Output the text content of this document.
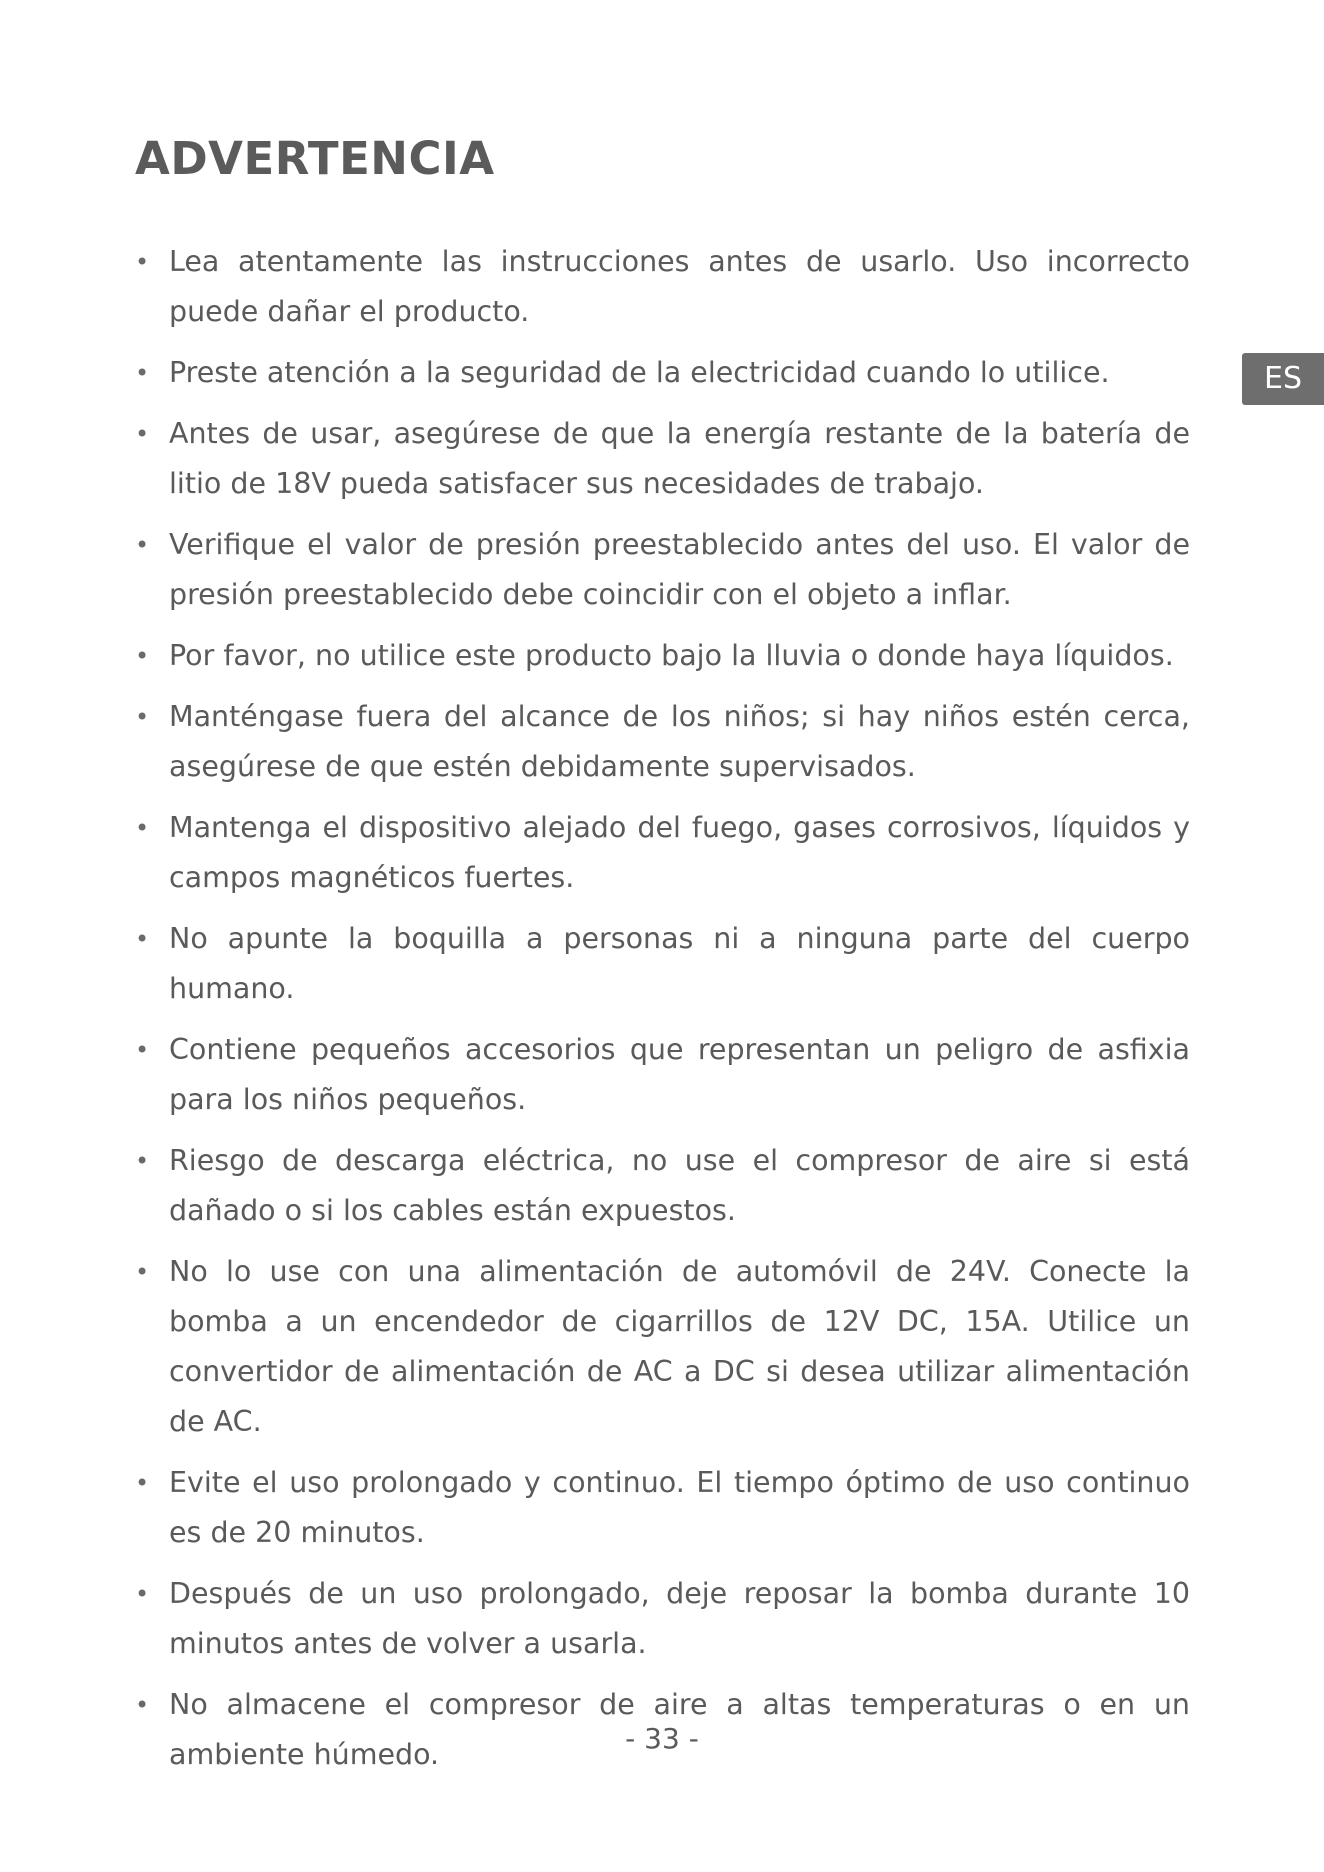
ADVERTENCIA
ES
• Lea atentamente las instrucciones antes de usarlo. Uso incorrecto puede dañar el producto.
• Preste atención a la seguridad de la electricidad cuando lo utilice.
• Antes de usar, asegúrese de que la energía restante de la batería de litio de 18V pueda satisfacer sus necesidades de trabajo.
• Verifique el valor de presión preestablecido antes del uso. El valor de presión preestablecido debe coincidir con el objeto a inflar.
• Por favor, no utilice este producto bajo la lluvia o donde haya líquidos.
• Manténgase fuera del alcance de los niños; si hay niños estén cerca, asegúrese de que estén debidamente supervisados.
• Mantenga el dispositivo alejado del fuego, gases corrosivos, líquidos y campos magnéticos fuertes.
• No apunte la boquilla a personas ni a ninguna parte del cuerpo humano.
• Contiene pequeños accesorios que representan un peligro de asfixia para los niños pequeños.
• Riesgo de descarga eléctrica, no use el compresor de aire si está dañado o si los cables están expuestos.
• No lo use con una alimentación de automóvil de 24V. Conecte la bomba a un encendedor de cigarrillos de 12V DC, 15A. Utilice un convertidor de alimentación de AC a DC si desea utilizar alimentación de AC.
• Evite el uso prolongado y continuo. El tiempo óptimo de uso continuo es de 20 minutos.
• Después de un uso prolongado, deje reposar la bomba durante 10 minutos antes de volver a usarla.
• No almacene el compresor de aire a altas temperaturas o en un ambiente húmedo.	- 33 -
